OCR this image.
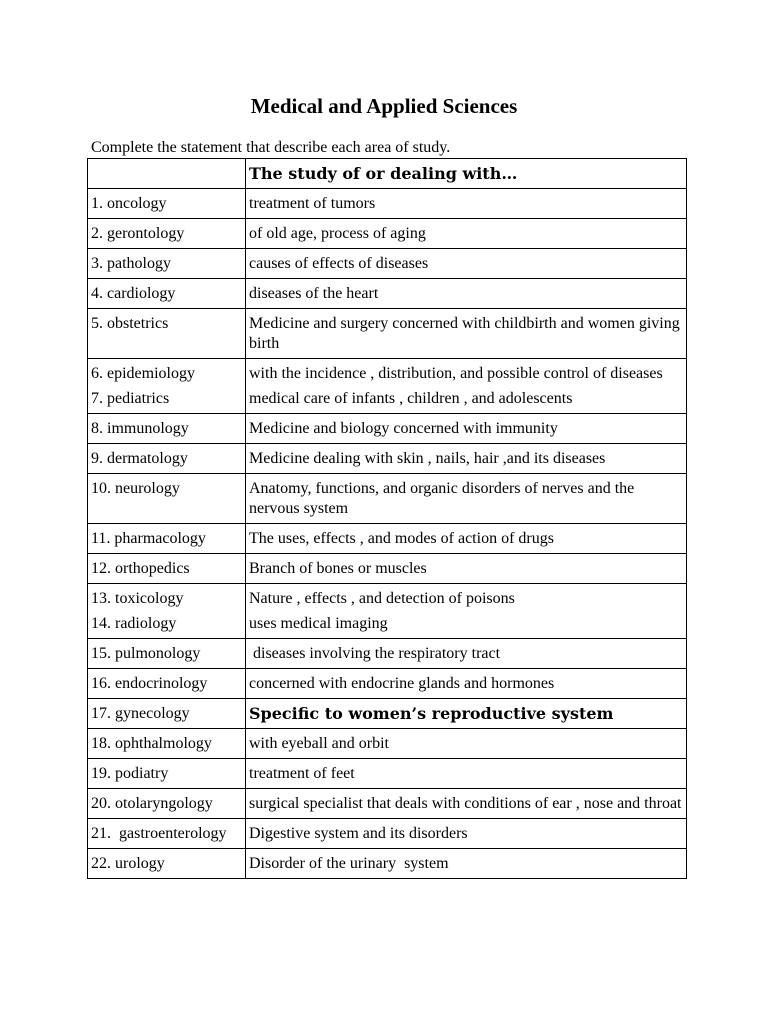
Medical and Applied Sciences
Complete the statement that describe each area of study.
	The study of or dealing with…
1. oncology	treatment of tumors
2. gerontology	of old age, process of aging
3. pathology	causes of effects of diseases
4. cardiology	diseases of the heart
5. obstetrics	Medicine and surgery concerned with childbirth and women giving birth
6. epidemiology	with the incidence , distribution, and possible control of diseases
7. pediatrics	medical care of infants , children , and adolescents
8. immunology	Medicine and biology concerned with immunity
9. dermatology	Medicine dealing with skin , nails, hair ,and its diseases
10. neurology	Anatomy, functions, and organic disorders of nerves and the nervous system
11. pharmacology	The uses, effects , and modes of action of drugs
12. orthopedics	Branch of bones or muscles
13. toxicology	Nature , effects , and detection of poisons
14. radiology	uses medical imaging
15. pulmonology	diseases involving the respiratory tract
16. endocrinology	concerned with endocrine glands and hormones
17. gynecology	Specific to women’s reproductive system
18. ophthalmology	with eyeball and orbit
19. podiatry	treatment of feet
20. otolaryngology	surgical specialist that deals with conditions of ear , nose and throat
21.  gastroenterology	Digestive system and its disorders
22. urology	Disorder of the urinary  system
